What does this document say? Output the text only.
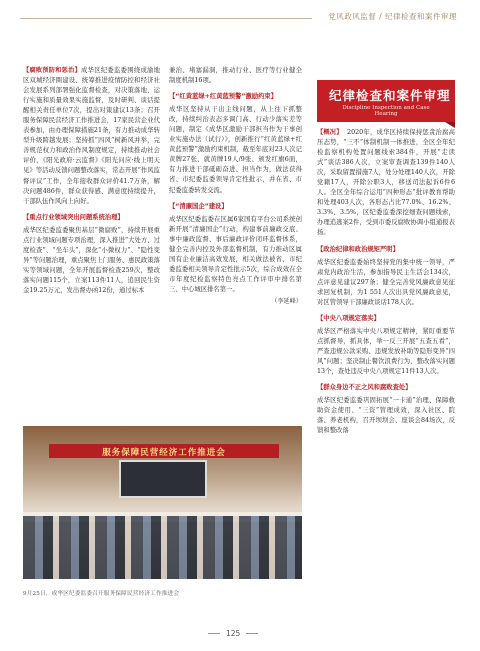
党风政风监督 / 纪律检查和案件审理
纪律检查和案件审理
Discipline Inspection and Case
Hearing

【腐败预防和惩治】成华区纪委监委围绕成渝地区双城经济圈建设、统筹推进疫情防控和经济社会发展系列部署强化监督检查，对决策落地、运行实施和质量效果实施监督，及时研判、谈话提醒相关责任单位7次，提出对策建议13条；召开服务保障民营经济工作推进会，17家民营企业代表参加，由办理保障措施21条，有力推动成华转型升级跨越发展；坚持抓“四风”树新风并举，完善规范权力和政治作风制度规定，持续推动社会评价，《阳光政府·云监督》《阳光问应·线上明天见》等活动反馈问题整改落实，常态开展“作风监督评议”工作，全年接收群众评价41.7万条，解决问题486件，群众获得感、满意度持续提升，干部队伍作风向上向好。

【重点行业领域突出问题系统治理】

成华区纪委监委聚焦基层“微腐败”，持续开展重点行业领域问题专项治理，深入推进“大处方、过度检查”、“坐车头”，深化“小微权力”、“隐性变异”等问题治理，重点聚焦上门服务、惠民政策落实等领域问题，全年开展监督检查259次，整改落实问题115个，立案113件11人，追回民生资金19.25万元，发出督办函12份，通过标本

兼治、堵塞漏洞，推动行业、医疗等行业健全制度机制16项。

【“红黄蓝绿+红黄蓝预警”激励约束】

成华区坚持从干出主线问题，从上往下抓整改，持续纠治表态多调门高、行动少落实差等问题，制定《成华区激励干部担当作为干事创业实施办法（试行）》，创新推行“红黄蓝绿+红黄蓝预警”激励约束机制，截至年底对23人次记黄牌27张、就黄牌19人/9张、颁发红旗6面，有力推进干部砥砺奋进、担当作为，做法获得省、市纪委监委领导肯定性批示，并在省、市纪委监委转发交流。

【“清廉国企”建设】

成华区纪委监委在区属6家国有平台公司系统创新开展“清廉国企”行动，构建事前廉政交底、事中廉政监督、事后廉政评价闭环监督体系，健全完善内控及外部监督机制，有力推动区属国有企业廉洁高效发展，相关做法被省、市纪委监委相关领导肯定性批示5次，综合成效在全市年度纪检监察特色亮点工作评审中排名第三、中心城区排名第一。

（李延峰）

【概况】 2020年，成华区持续保持惩贪治腐高压态势，“三不”体制机制一体推进，全区全年纪检监察机构处置问题线索384件，开展“走读式”谈话386人次，立案审查调查139件140人次，采取留置措施7人，处分处理140人次，开除党籍17人，开除公职3人，移送司法起诉6件6人。全区全年综合运用“四种形态”批评教育帮助和处理403人次，各形态占比77.0%、16.2%、3.3%、3.5%，区纪委监委深挖细查问题线索，办理追逃案2件，受到市委反腐败协调小组通报表扬。

【政治纪律和政治规矩严明】

成华区纪委监委始终坚持党的集中统一领导，严肃党内政治生活，参加指导民主生活会134次，点评意见建议297条；健全完善党风廉政意见征求回复机制，为1 551人次出具党风廉政意见，对区管领导干部廉政谈话178人次。

【中央八项规定落实】

成华区严格落实中央八项规定精神，紧盯重要节点抓督导，抓具体，举一反三开展“五查五看”，严查违规公款采购、违规发放补助等隐形变异“四风”问题；坚决制止餐饮浪费行为，整改落实问题13个，查处违反中央八项规定11件13人次。

【群众身边不正之风和腐败查处】

成华区纪委监委巩固拓展“一卡通”治理、保障救助资金使用、“三资”管理成效，深入社区、院落、养老机构，召开坝坝会、座谈会84场次，反馈和整改落

服务保障民营经济工作推进会
9月25日，成华区纪委监委召开服务保障民营经济工作推进会
125
